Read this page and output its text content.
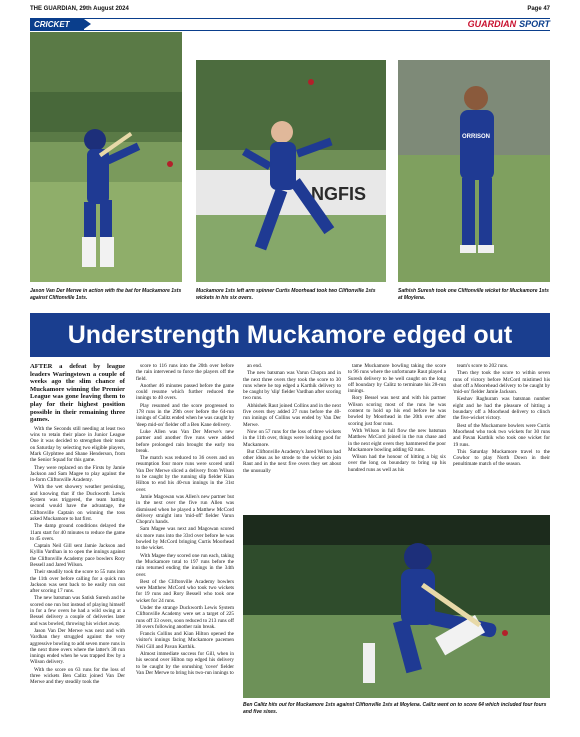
THE GUARDIAN, 29th August 2024	Page 47
CRICKET	GUARDIAN SPORT
Jason Van Der Merwe in action with the bat for Muckamore 1sts against Cliftonville 1sts.
NGFIS
Muckamore 1sts left arm spinner Curtis Moorhead took two Cliftonville 1sts wickets in his six overs.
ORRISON
Sathish Suresh took one Cliftonville wicket for Muckamore 1sts at Moylena.
Understrength Muckamore edged out

AFTER a defeat by league leaders Waringstown a couple of weeks ago the slim chance of Muckamore winning the Premier League was gone leaving them to play for their highest position possible in their remaining three games.

With the Seconds still needing at least two wins to retain their place in Junior League One it was decided to strengthen their team on Saturday by selecting two eligible players, Mark Glyphtree and Shane Henderson, from the Senior Squad for this game.

They were replaced on the Firsts by Jamie Jackson and Sam Magee to play against the in-form Cliftonville Academy.

With the wet showery weather persisting, and knowing that if the Duckworth Lewis System was triggered, the team batting second would have the advantage, the Cliftonville Captain on winning the toss asked Muckamore to bat first.

The damp ground conditions delayed the 11am start for 40 minutes to reduce the game to 45 overs.

Captain Neil Gill sent Jamie Jackson and Kyllin Vardhan in to open the innings against the Cliftonville Academy pace bowlers Rory Bessell and Jared Wilson.

Their steadily took the score to 55 runs into the 11th over before calling for a quick run Jackson was sent back to be easily run out after scoring 17 runs.

The new batsman was Satish Suresh and he scored one run but instead of playing himself in for a few overs he had a wild swing at a Bessel delivery a couple of deliveries later and was bowled, throwing his wicket away.

Jason Van Der Merwe was next and with Vardhan they struggled against the very aggressive bowling to add seven more runs in the next three overs where the latter's 30 run innings ended when he was trapped lbw by a Wilson delivery.

With the score on 63 runs for the loss of three wickets Ben Calitz joined Van Der Merwe and they steadily took the

score to 116 runs into the 20th over before the rain intervened to force the players off the field.

Another 46 minutes passed before the game could resume which further reduced the innings to 40 overs.

Play resumed and the score progressed to 178 runs in the 29th over before the 64-run innings of Calitz ended when he was caught by 'deep mid-on' fielder off a Ben Kane delivery.

Luke Allen was Van Der Merwe's new partner and another five runs were added before prolonged rain brought the early tea break.

The match was reduced to 36 overs and on resumption four more runs were scored until Van Der Merwe sliced a delivery from Wilson to be caught by the running slip fielder Kian Hilton to end his 40-run innings in the 31st over.

Jamie Magowan was Allen's new partner but in the next over the five run Allen was dismissed when he played a Matthew McCord delivery straight into 'mid-off' fielder Varun Chopra's hands.

Sam Magee was next and Magowan scored six more runs into the 33rd over before he was bowled by McCord bringing Curtis Moorhead to the wicket.

With Magee they scored one run each, taking the Muckamore total to 197 runs before the rain returned ending the innings in the 34th over.

Best of the Cliftonville Academy bowlers were Matthew McCord who took two wickets for 19 runs and Rory Bessell who took one wicket for 24 runs.

Under the strange Duckworth Lewis System Cliftonville Academy were set a target of 225 runs off 33 overs, soon reduced to 213 runs off 30 overs following another rain break.

Francis Collins and Kian Hilton opened the visitor's innings facing Muckamore pacemen Neil Gill and Pavan Karthik.

Almost immediate success for Gill, when in his second over Hilton top edged his delivery to be caught by the onrushing 'cover' fielder Van Der Merwe to bring his two-run innings to

an end.

The new batsman was Varun Chopra and in the next three overs they took the score to 30 runs where he top edged a Karthik delivery to be caught by 'slip' fielder Vardhan after scoring two runs.

Abhishek Raut joined Collins and in the next five overs they added 27 runs before the 40-run innings of Collins was ended by Van Der Merwe.

Now on 57 runs for the loss of three wickets in the 11th over, things were looking good for Muckamore.

But Cliftonville Academy's Jared Wilson had other ideas as he strode to the wicket to join Raut and in the next five overs they set about the unusually

tame Muckamore bowling taking the score to 96 runs where the unfortunate Raut played a Suresh delivery to be well caught on the long off boundary by Calitz to terminate his 28-run innings.

Rory Bessel was next and with his partner Wilson scoring most of the runs he was content to hold up his end before he was bowled by Moorhead in the 20th over after scoring just four runs.

With Wilson in full flow the new batsman Matthew McCord joined in the run chase and in the next eight overs they hammered the poor Muckamore bowling adding 82 runs.

Wilson had the honour of hitting a big six over the long on boundary to bring up his hundred runs as well as his

team's score to 202 runs.

Then they took the score to within seven runs of victory before McCord mistimed his shot off a Moorehead delivery to be caught by 'mid-on' fielder Jamie Jackson.

Keshav Raghuram was batsman number eight and he had the pleasure of hitting a boundary off a Moorhead delivery to clinch the five-wicket victory.

Best of the Muckamore bowlers were Curtis Moorhead who took two wickets for 30 runs and Pavan Karthik who took one wicket for 19 runs.

This Saturday Muckamore travel to the Cowhor to play North Down in their penultimate match of the season.

Ben Calitz hits out for Muckamore 1sts against Cliftonville 1sts at Moylena. Calitz went on to score 64 which included four fours and five sixes.
